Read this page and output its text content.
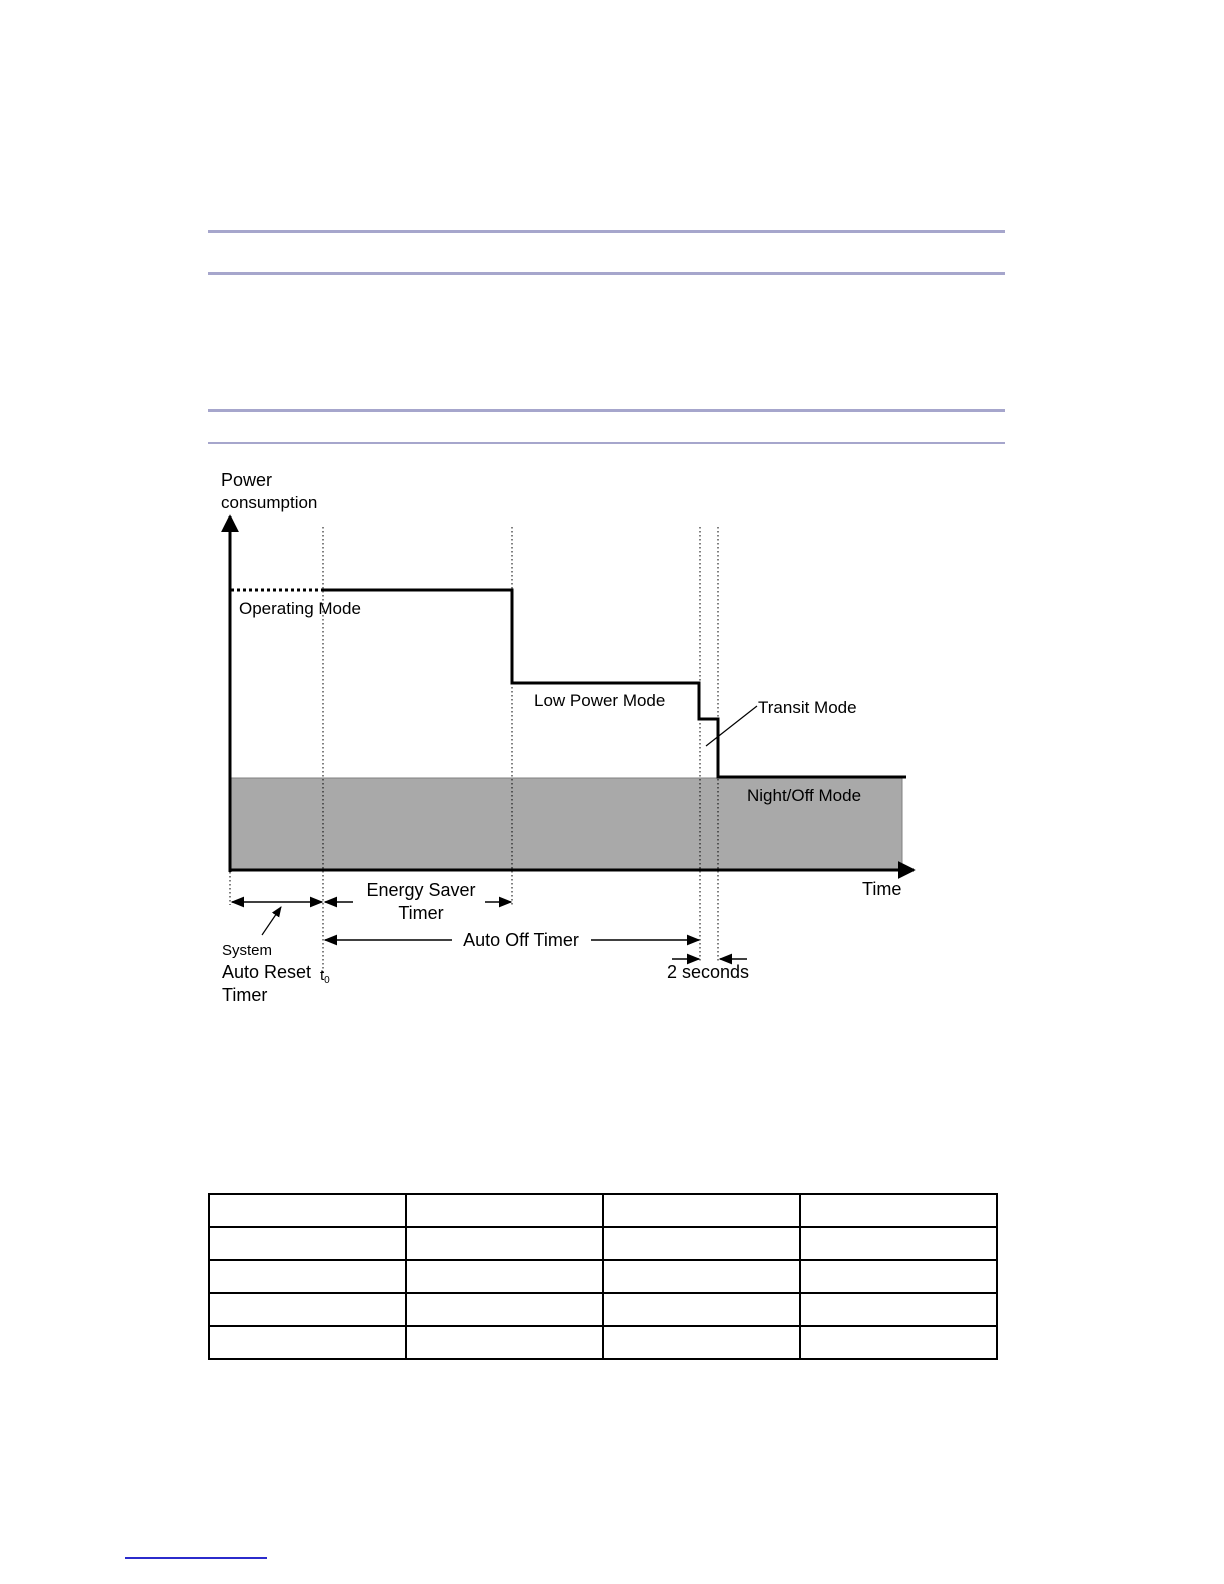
Power
consumption
Operating Mode
Low Power Mode	Transit Mode
Night/Off Mode
Time
System
Auto Reset
Timer
$t_0$
Energy Saver
Timer
Auto Off Timer
2 seconds
